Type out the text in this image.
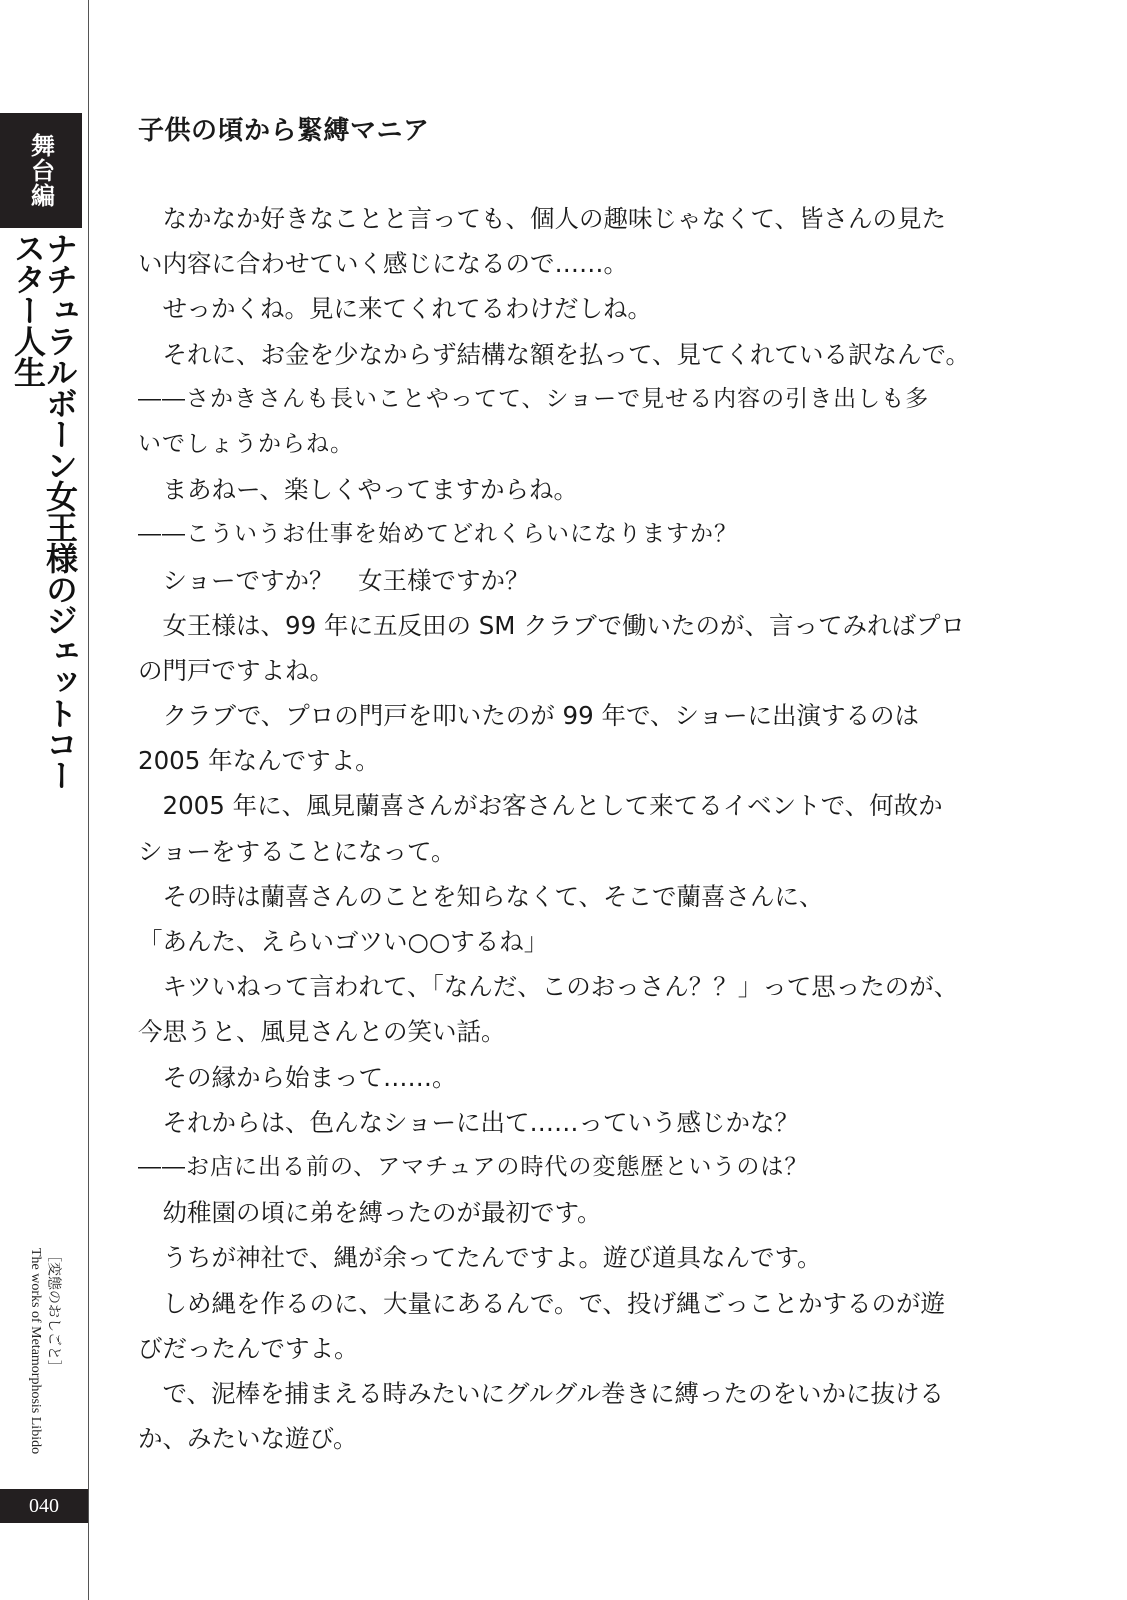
舞台編
ナチュラルボーン女王様のジェットコースター人生
The works of Metamorphosis Libido ［変態のおしごと］
040
子供の頃から緊縛マニア
　なかなか好きなことと言っても、個人の趣味じゃなくて、皆さんの見た
い内容に合わせていく感じになるので……。
　せっかくね。見に来てくれてるわけだしね。
　それに、お金を少なからず結構な額を払って、見てくれている訳なんで。
――さかきさんも長いことやってて、ショーで見せる内容の引き出しも多
いでしょうからね。
　まあねー、楽しくやってますからね。
――こういうお仕事を始めてどれくらいになりますか？
　ショーですか？　女王様ですか？
　女王様は、99 年に五反田の SM クラブで働いたのが、言ってみればプロ
の門戸ですよね。
　クラブで、プロの門戸を叩いたのが 99 年で、ショーに出演するのは
2005 年なんですよ。
　2005 年に、風見蘭喜さんがお客さんとして来てるイベントで、何故か
ショーをすることになって。
　その時は蘭喜さんのことを知らなくて、そこで蘭喜さんに、
「あんた、えらいゴツい○○するね」
　キツいねって言われて、「なんだ、このおっさん？？」って思ったのが、
今思うと、風見さんとの笑い話。
　その縁から始まって……。
　それからは、色んなショーに出て……っていう感じかな？
――お店に出る前の、アマチュアの時代の変態歴というのは？
　幼稚園の頃に弟を縛ったのが最初です。
　うちが神社で、縄が余ってたんですよ。遊び道具なんです。
　しめ縄を作るのに、大量にあるんで。で、投げ縄ごっことかするのが遊
びだったんですよ。
　で、泥棒を捕まえる時みたいにグルグル巻きに縛ったのをいかに抜ける
か、みたいな遊び。
